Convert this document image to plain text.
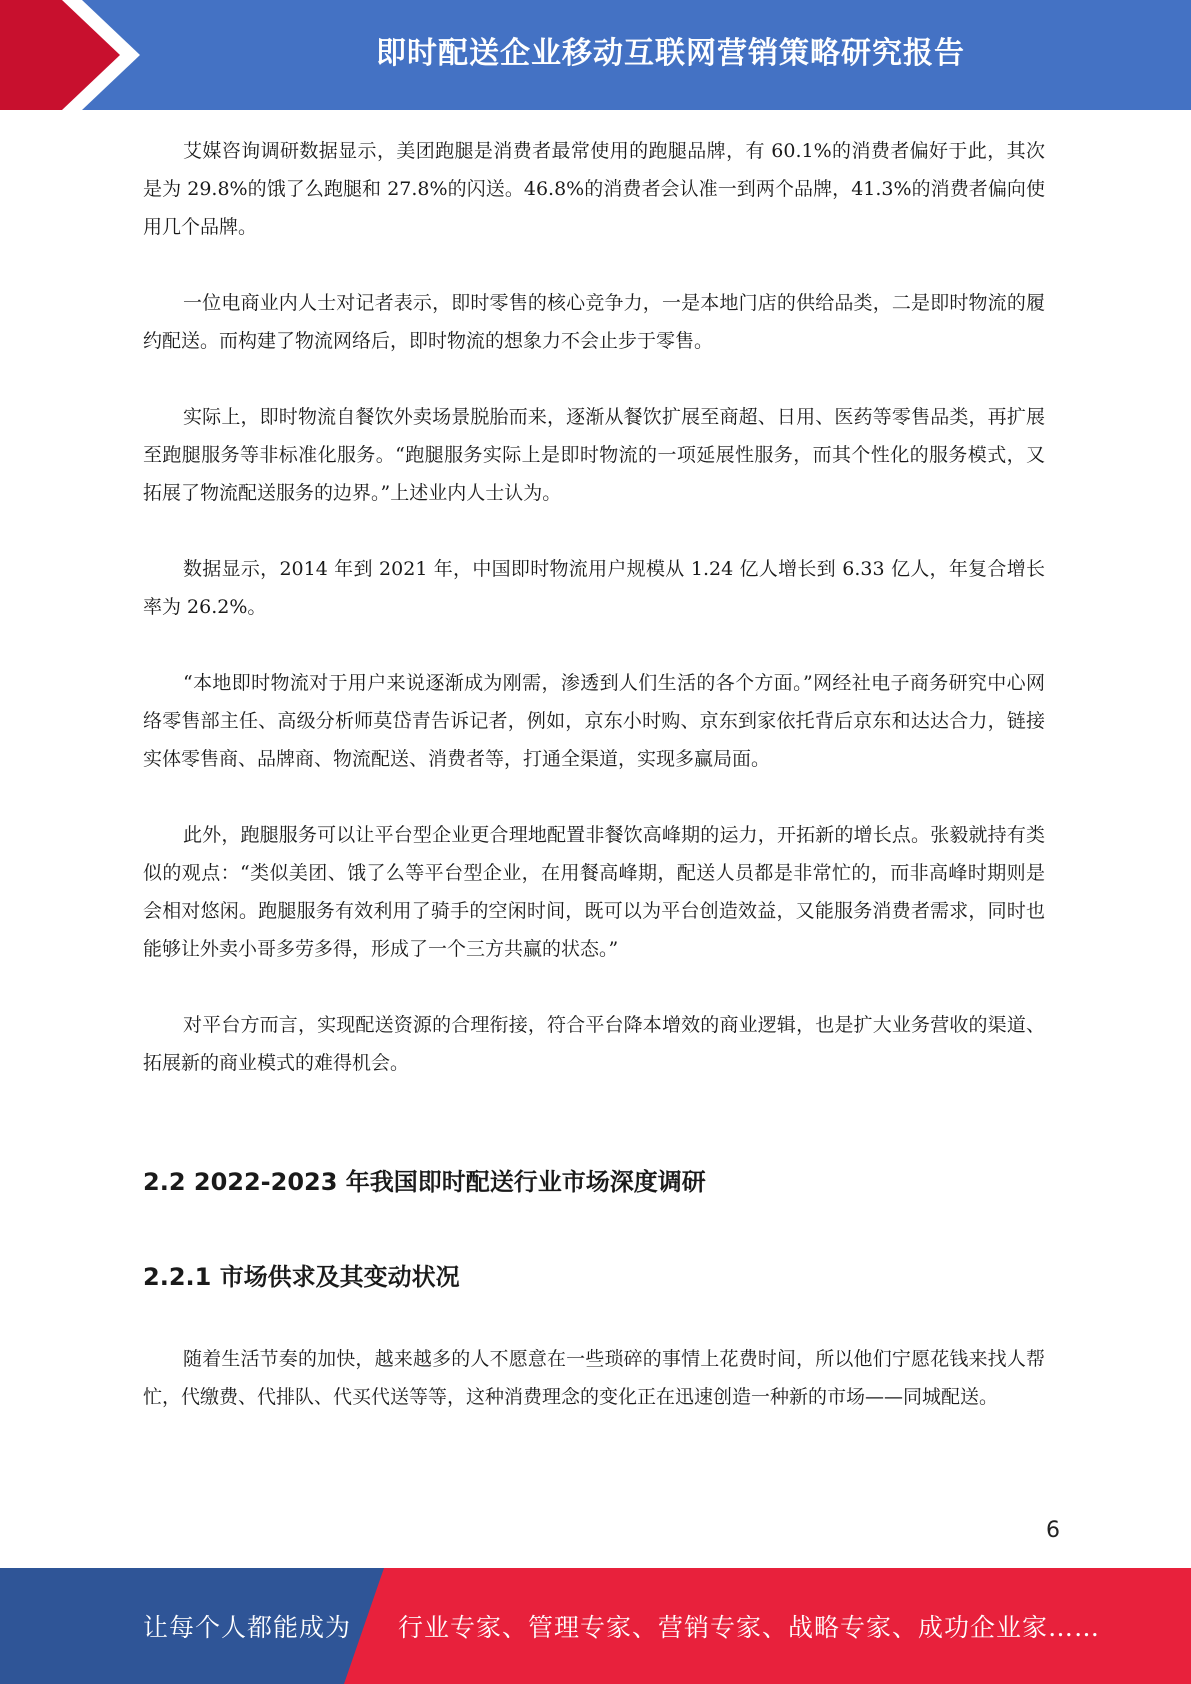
即时配送企业移动互联网营销策略研究报告

艾媒咨询调研数据显示，美团跑腿是消费者最常使用的跑腿品牌，有 60.1%的消费者偏好于此，其次是为 29.8%的饿了么跑腿和 27.8%的闪送。46.8%的消费者会认准一到两个品牌，41.3%的消费者偏向使用几个品牌。

一位电商业内人士对记者表示，即时零售的核心竞争力，一是本地门店的供给品类，二是即时物流的履约配送。而构建了物流网络后，即时物流的想象力不会止步于零售。

实际上，即时物流自餐饮外卖场景脱胎而来，逐渐从餐饮扩展至商超、日用、医药等零售品类，再扩展至跑腿服务等非标准化服务。“跑腿服务实际上是即时物流的一项延展性服务，而其个性化的服务模式，又拓展了物流配送服务的边界。”上述业内人士认为。

数据显示，2014 年到 2021 年，中国即时物流用户规模从 1.24 亿人增长到 6.33 亿人，年复合增长率为 26.2%。

“本地即时物流对于用户来说逐渐成为刚需，渗透到人们生活的各个方面。”网经社电子商务研究中心网络零售部主任、高级分析师莫岱青告诉记者，例如，京东小时购、京东到家依托背后京东和达达合力，链接实体零售商、品牌商、物流配送、消费者等，打通全渠道，实现多赢局面。

此外，跑腿服务可以让平台型企业更合理地配置非餐饮高峰期的运力，开拓新的增长点。张毅就持有类似的观点：“类似美团、饿了么等平台型企业，在用餐高峰期，配送人员都是非常忙的，而非高峰时期则是会相对悠闲。跑腿服务有效利用了骑手的空闲时间，既可以为平台创造效益，又能服务消费者需求，同时也能够让外卖小哥多劳多得，形成了一个三方共赢的状态。”

对平台方而言，实现配送资源的合理衔接，符合平台降本增效的商业逻辑，也是扩大业务营收的渠道、拓展新的商业模式的难得机会。

2.2 2022-2023 年我国即时配送行业市场深度调研
2.2.1 市场供求及其变动状况

随着生活节奏的加快，越来越多的人不愿意在一些琐碎的事情上花费时间，所以他们宁愿花钱来找人帮忙，代缴费、代排队、代买代送等等，这种消费理念的变化正在迅速创造一种新的市场——同城配送。

6
让每个人都能成为 行业专家、管理专家、营销专家、战略专家、成功企业家……
